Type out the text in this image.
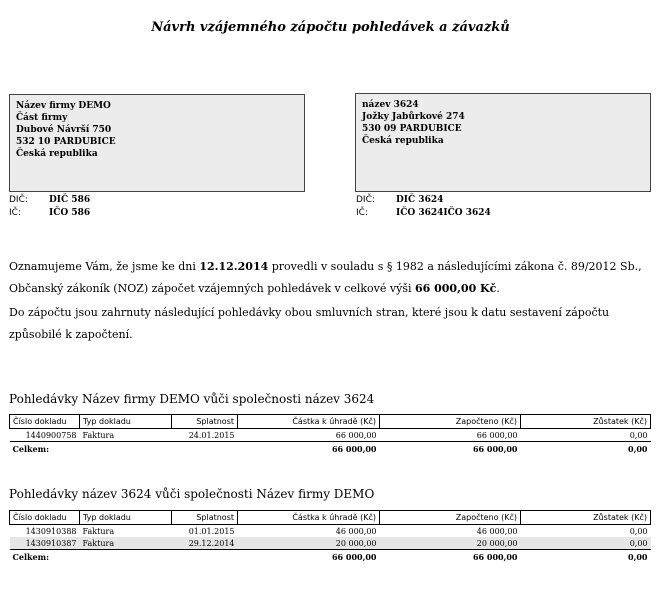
Návrh vzájemného zápočtu pohledávek a závazků
Název firmy DEMO
Část firmy
Dubové Návrší 750
532 10 PARDUBICE
Česká republika
DIČ: DIČ 586
IČ:	IČO 586
název 3624
Jožky Jabůrkové 274
530 09 PARDUBICE
Česká republika
DIČ: DIČ 3624
IČ:	IČO 3624IČO 3624
Oznamujeme Vám, že jsme ke dni 12.12.2014 provedli v souladu s § 1982 a následujícími zákona č. 89/2012 Sb., Občanský zákoník (NOZ) zápočet vzájemných pohledávek v celkové výši 66 000,00 Kč.
Do zápočtu jsou zahrnuty následující pohledávky obou smluvních stran, které jsou k datu sestavení zápočtu způsobilé k započtení.
Pohledávky Název firmy DEMO vůči společnosti název 3624
Číslo dokladu	Typ dokladu	Splatnost	Částka k úhradě (Kč)	Započteno (Kč)	Zůstatek (Kč)
1440900758	Faktura	24.01.2015	66 000,00	66 000,00	0,00
Celkem:			66 000,00	66 000,00	0,00
Pohledávky název 3624 vůči společnosti Název firmy DEMO
Číslo dokladu	Typ dokladu	Splatnost	Částka k úhradě (Kč)	Započteno (Kč)	Zůstatek (Kč)
1430910388	Faktura	01.01.2015	46 000,00	46 000,00	0,00
1430910387	Faktura	29.12.2014	20 000,00	20 000,00	0,00
Celkem:			66 000,00	66 000,00	0,00
